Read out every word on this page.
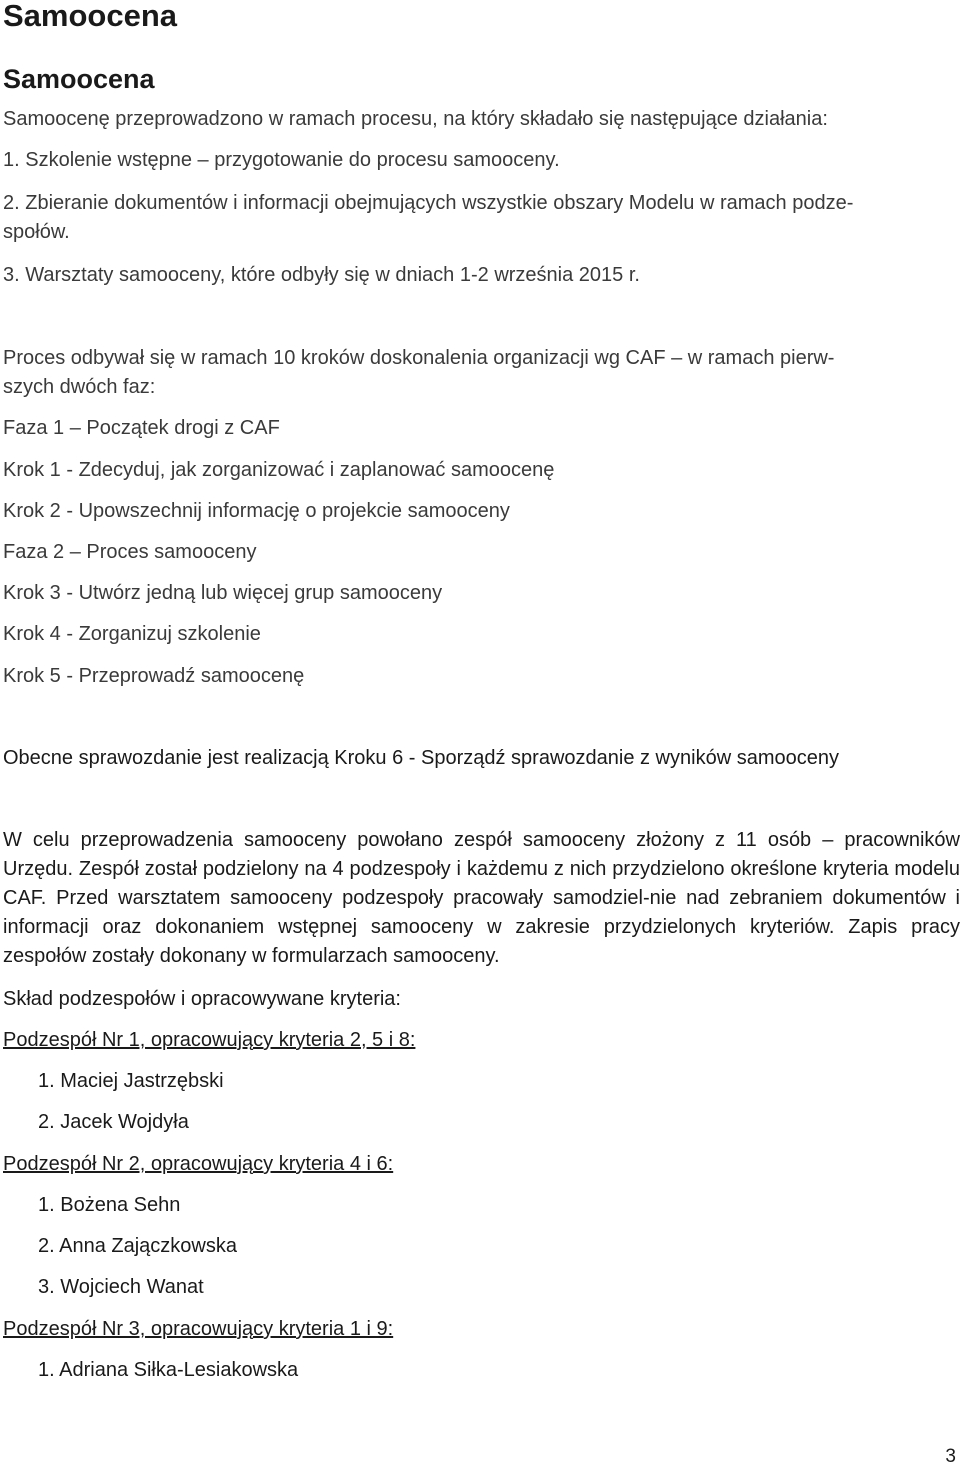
Samoocena
Samoocena

Samoocenę przeprowadzono w ramach procesu, na który składało się następujące działania:

1. Szkolenie wstępne – przygotowanie do procesu samooceny.

2. Zbieranie dokumentów i informacji obejmujących wszystkie obszary Modelu w ramach podze-

społów.

3. Warsztaty samooceny, które odbyły się w dniach 1-2 września 2015 r.

Proces odbywał się w ramach 10 kroków doskonalenia organizacji wg CAF – w ramach pierw-

szych dwóch faz:

Faza 1 – Początek drogi z CAF

Krok 1 - Zdecyduj, jak zorganizować i zaplanować samoocenę

Krok 2 - Upowszechnij informację o projekcie samooceny

Faza 2 – Proces samooceny

Krok 3 - Utwórz jedną lub więcej grup samooceny

Krok 4 - Zorganizuj szkolenie

Krok 5 - Przeprowadź samoocenę

Obecne sprawozdanie jest realizacją Kroku 6 - Sporządź sprawozdanie z wyników samooceny

W celu przeprowadzenia samooceny powołano zespół samooceny złożony z 11 osób – pracowników Urzędu. Zespół został podzielony na 4 podzespoły i każdemu z nich przydzielono określone kryteria modelu CAF. Przed warsztatem samooceny podzespoły pracowały samodziel-nie nad zebraniem dokumentów i informacji oraz dokonaniem wstępnej samooceny w zakresie przydzielonych kryteriów. Zapis pracy zespołów zostały dokonany w formularzach samooceny.

Skład podzespołów i opracowywane kryteria:

Podzespół Nr 1, opracowujący kryteria 2, 5 i 8:

1. Maciej Jastrzębski

2. Jacek Wojdyła

Podzespół Nr 2, opracowujący kryteria 4 i 6:

1. Bożena Sehn

2. Anna Zajączkowska

3. Wojciech Wanat

Podzespół Nr 3, opracowujący kryteria 1 i 9:

1. Adriana Siłka-Lesiakowska

3
